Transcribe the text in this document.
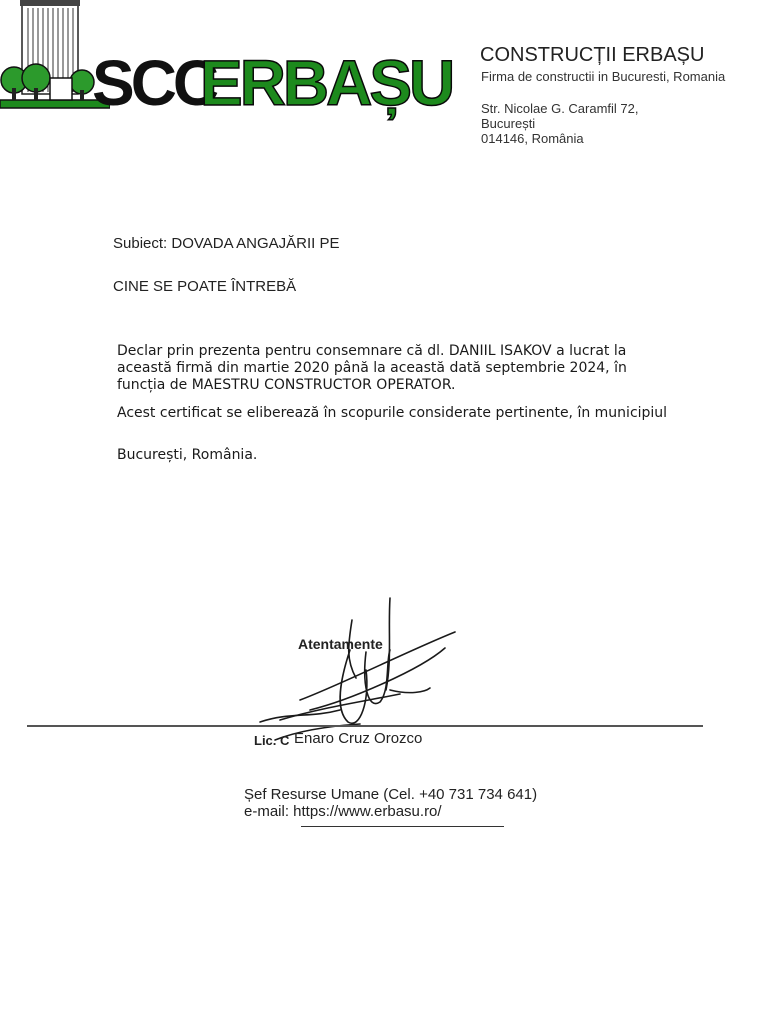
SCC
ERBAȘU CONSTRUCȚII ERBAȘU
Firma de constructii in Bucuresti, Romania
Str. Nicolae G. Caramfil 72,
București
014146, România
Subiect: DOVADA ANGAJĂRII PE
CINE SE POATE ÎNTREBĂ
Declar prin prezenta pentru consemnare că dl. DANIIL ISAKOV a lucrat la această firmă din martie 2020 până la această dată septembrie 2024, în funcția de MAESTRU CONSTRUCTOR OPERATOR.
Acest certificat se eliberează în scopurile considerate pertinente, în municipiul
București, România.
Atentamente
Lic. C Enaro Cruz Orozco
Șef Resurse Umane (Cel. +40 731 734 641)
e-mail: https://www.erbasu.ro/
